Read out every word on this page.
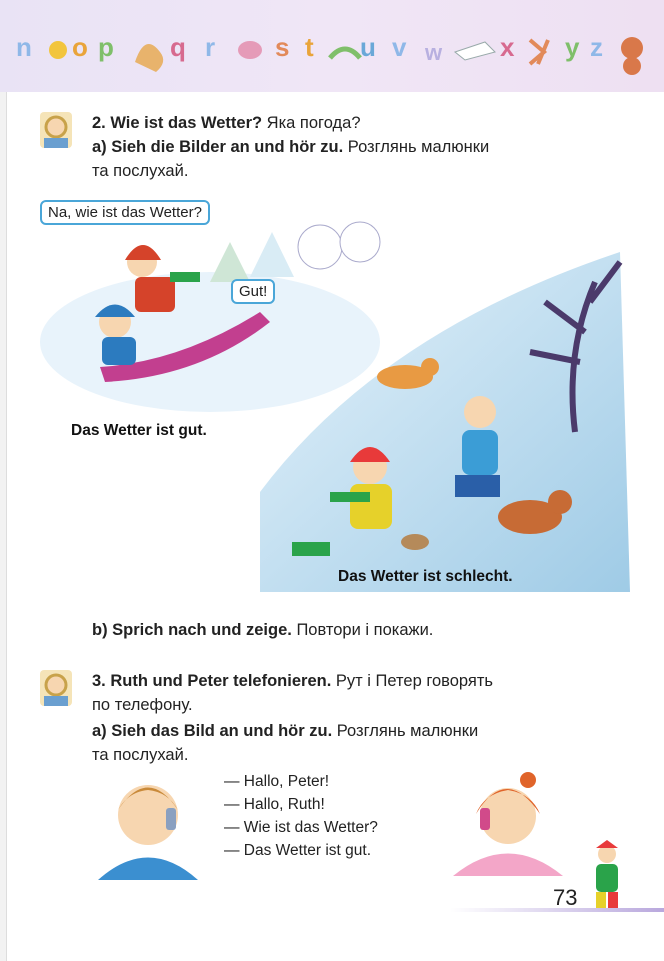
n o p q r s t u v w x y z
2. Wie ist das Wetter? Яка погода?
a) Sieh die Bilder an und hör zu. Розглянь малюнки
та послухай.
Na, wie ist das Wetter?
Gut!
Das Wetter ist gut.
Das Wetter ist schlecht.
b) Sprich nach und zeige. Повтори і покажи.
3. Ruth und Peter telefonieren. Рут і Петер говорять
по телефону.
a) Sieh das Bild an und hör zu. Розглянь малюнки
та послухай.
— Hallo, Peter!
— Hallo, Ruth!
— Wie ist das Wetter?
— Das Wetter ist gut.
73
